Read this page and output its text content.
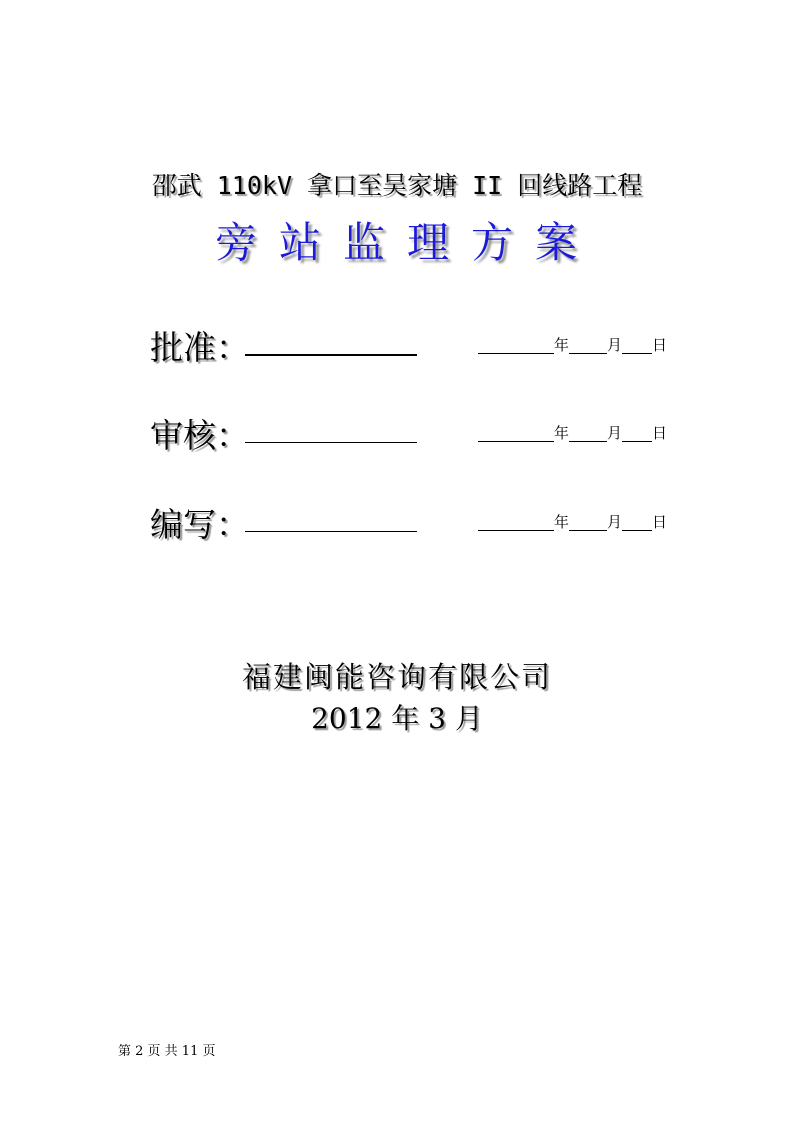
邵武 110kV 拿口至吴家塘 II 回线路工程
旁站监理方案
批准：	年	月 日
审核：	年	月 日
编写：	年	月 日
福建闽能咨询有限公司
2012 年 3 月
第 2 页 共 11 页
